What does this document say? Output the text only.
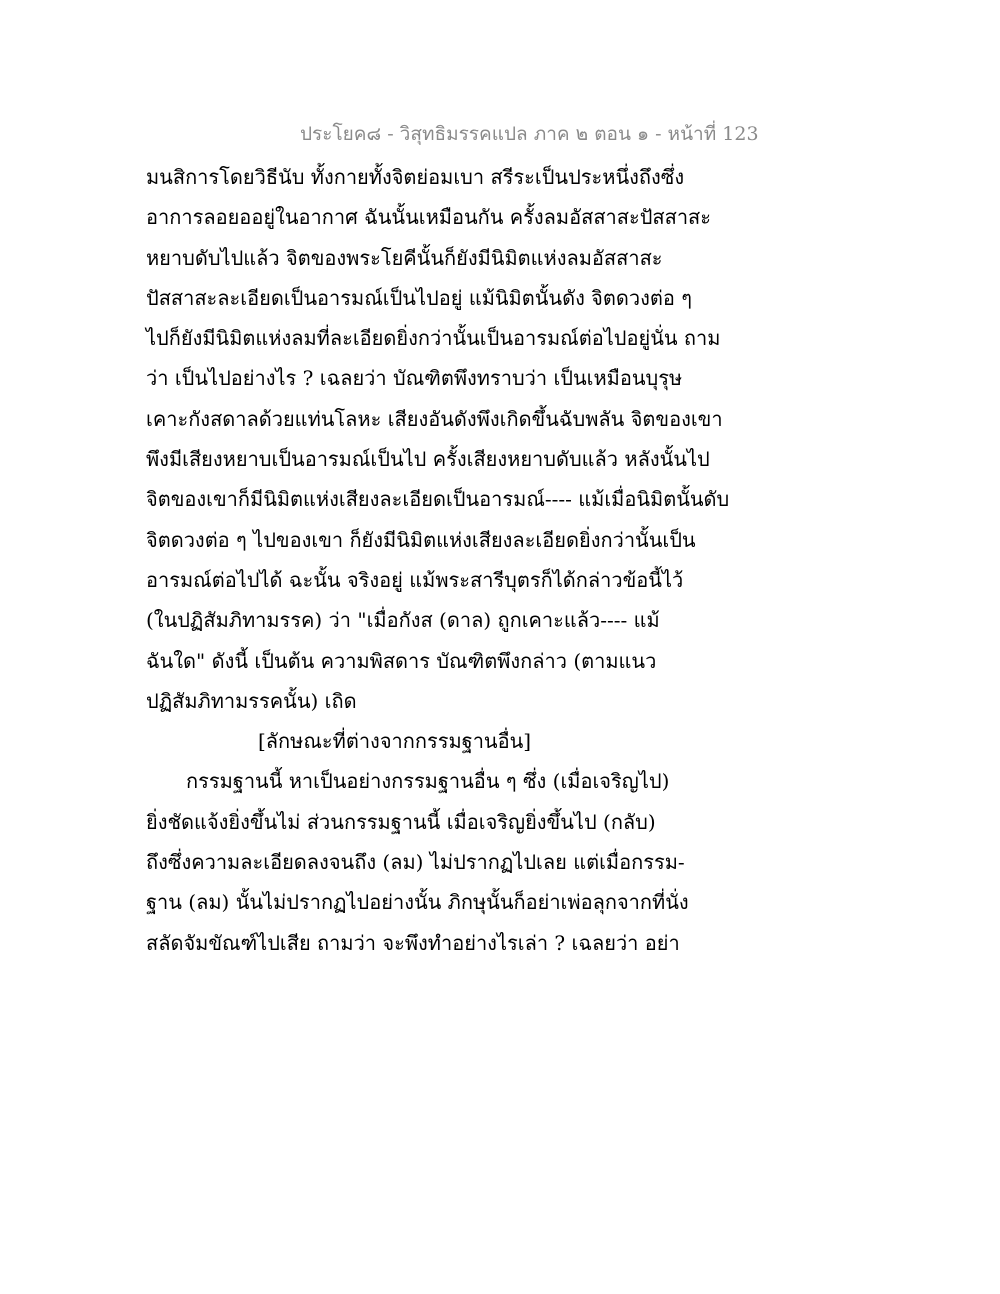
ประโยค๘ - วิสุทธิมรรคแปล ภาค ๒ ตอน ๑ - หน้าที่ 123
มนสิการโดยวิธีนับ ทั้งกายทั้งจิตย่อมเบา สรีระเป็นประหนึ่งถึงซึ่ง
อาการลอยออยู่ในอากาศ ฉันนั้นเหมือนกัน ครั้งลมอัสสาสะปัสสาสะ
หยาบดับไปแล้ว จิตของพระโยคีนั้นก็ยังมีนิมิตแห่งลมอัสสาสะ
ปัสสาสะละเอียดเป็นอารมณ์เป็นไปอยู่ แม้นิมิตนั้นดัง จิตดวงต่อ ๆ
ไปก็ยังมีนิมิตแห่งลมที่ละเอียดยิ่งกว่านั้นเป็นอารมณ์ต่อไปอยู่นั่น ถาม
ว่า เป็นไปอย่างไร ? เฉลยว่า บัณฑิตพึงทราบว่า เป็นเหมือนบุรุษ
เคาะกังสดาลด้วยแท่นโลหะ เสียงอันดังพึงเกิดขึ้นฉับพลัน จิตของเขา
พึงมีเสียงหยาบเป็นอารมณ์เป็นไป ครั้งเสียงหยาบดับแล้ว หลังนั้นไป
จิตของเขาก็มีนิมิตแห่งเสียงละเอียดเป็นอารมณ์---- แม้เมื่อนิมิตนั้นดับ
จิตดวงต่อ ๆ ไปของเขา ก็ยังมีนิมิตแห่งเสียงละเอียดยิ่งกว่านั้นเป็น
อารมณ์ต่อไปได้ ฉะนั้น จริงอยู่ แม้พระสารีบุตรก็ได้กล่าวข้อนี้ไว้
(ในปฏิสัมภิทามรรค) ว่า "เมื่อกังส (ดาล) ถูกเคาะแล้ว---- แม้
ฉันใด" ดังนี้ เป็นต้น ความพิสดาร บัณฑิตพึงกล่าว (ตามแนว
ปฏิสัมภิทามรรคนั้น) เถิด
[ลักษณะที่ต่างจากกรรมฐานอื่น]
กรรมฐานนี้ หาเป็นอย่างกรรมฐานอื่น ๆ ซึ่ง (เมื่อเจริญไป)
ยิ่งชัดแจ้งยิ่งขึ้นไม่ ส่วนกรรมฐานนี้ เมื่อเจริญยิ่งขึ้นไป (กลับ)
ถึงซึ่งความละเอียดลงจนถึง (ลม) ไม่ปรากฏไปเลย แต่เมื่อกรรม-
ฐาน (ลม) นั้นไม่ปรากฏไปอย่างนั้น ภิกษุนั้นก็อย่าเพ่อลุกจากที่นั่ง
สลัดจัมขัณฑ์ไปเสีย ถามว่า จะพึงทำอย่างไรเล่า ? เฉลยว่า อย่า
